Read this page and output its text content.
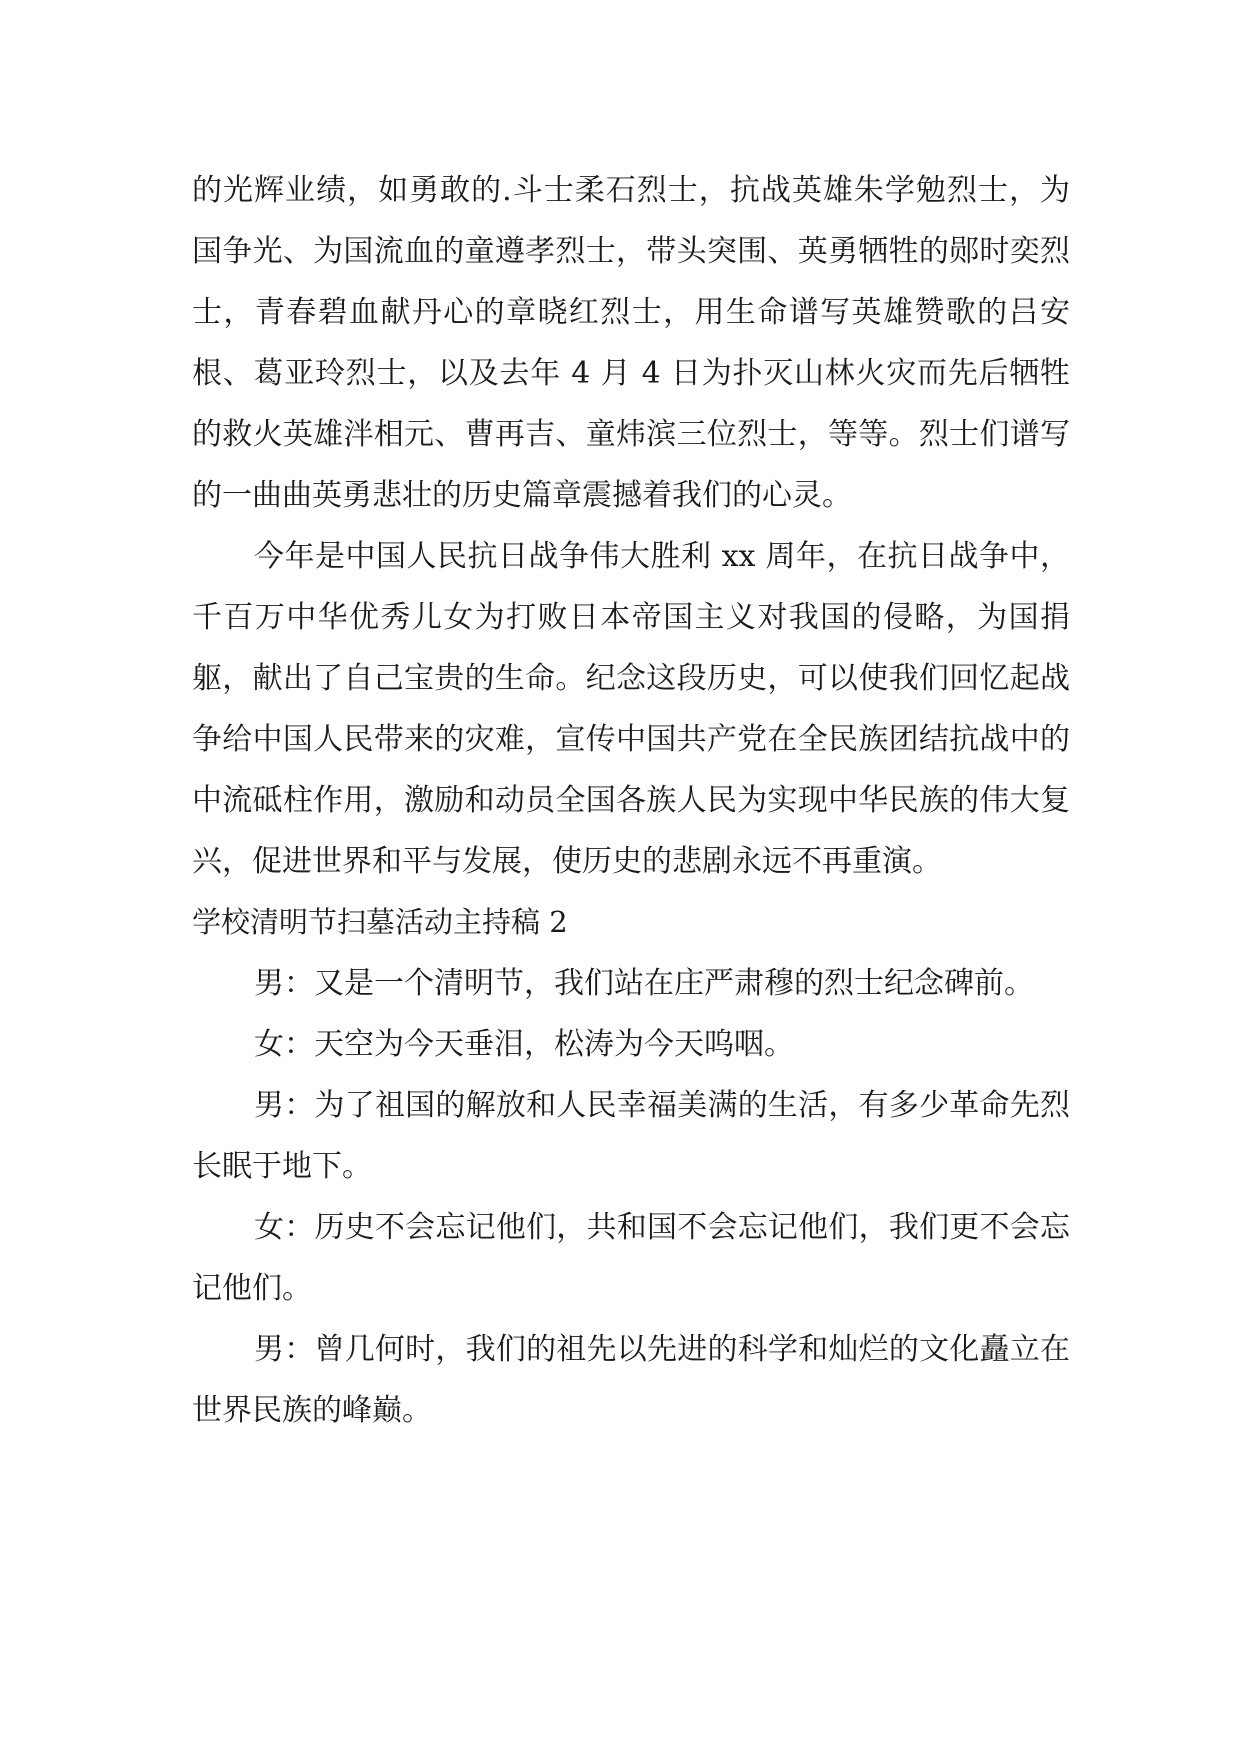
的光辉业绩，如勇敢的.斗士柔石烈士，抗战英雄朱学勉烈士，为国争光、为国流血的童遵孝烈士，带头突围、英勇牺牲的郧时奕烈士，青春碧血献丹心的章晓红烈士，用生命谱写英雄赞歌的吕安根、葛亚玲烈士，以及去年 4 月 4 日为扑灭山林火灾而先后牺牲的救火英雄泮相元、曹再吉、童炜滨三位烈士，等等。烈士们谱写的一曲曲英勇悲壮的历史篇章震撼着我们的心灵。

今年是中国人民抗日战争伟大胜利 xx 周年，在抗日战争中，千百万中华优秀儿女为打败日本帝国主义对我国的侵略，为国捐躯，献出了自己宝贵的生命。纪念这段历史，可以使我们回忆起战争给中国人民带来的灾难，宣传中国共产党在全民族团结抗战中的中流砥柱作用，激励和动员全国各族人民为实现中华民族的伟大复兴，促进世界和平与发展，使历史的悲剧永远不再重演。

学校清明节扫墓活动主持稿 2

男：又是一个清明节，我们站在庄严肃穆的烈士纪念碑前。

女：天空为今天垂泪，松涛为今天呜咽。

男：为了祖国的解放和人民幸福美满的生活，有多少革命先烈长眠于地下。

女：历史不会忘记他们，共和国不会忘记他们，我们更不会忘记他们。

男：曾几何时，我们的祖先以先进的科学和灿烂的文化矗立在世界民族的峰巅。
